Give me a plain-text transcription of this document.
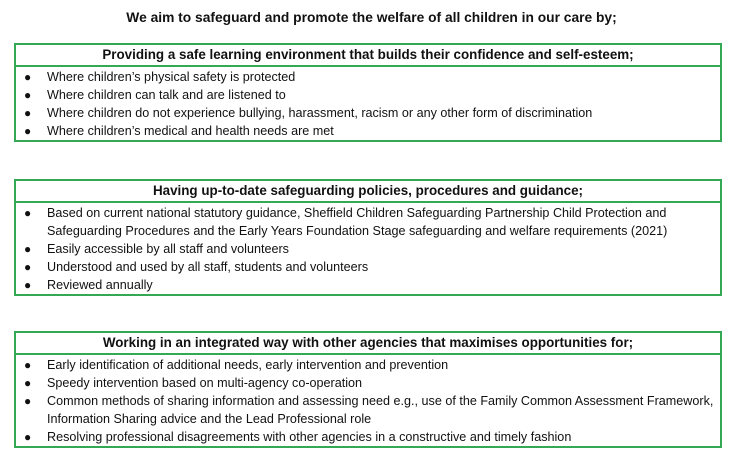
We aim to safeguard and promote the welfare of all children in our care by;
Providing a safe learning environment that builds their confidence and self-esteem;
● Where children’s physical safety is protected
● Where children can talk and are listened to
● Where children do not experience bullying, harassment, racism or any other form of discrimination
● Where children’s medical and health needs are met
Having up-to-date safeguarding policies, procedures and guidance;
● Based on current national statutory guidance, Sheffield Children Safeguarding Partnership Child Protection and Safeguarding Procedures and the Early Years Foundation Stage safeguarding and welfare requirements (2021)
● Easily accessible by all staff and volunteers
● Understood and used by all staff, students and volunteers
● Reviewed annually
Working in an integrated way with other agencies that maximises opportunities for;
● Early identification of additional needs, early intervention and prevention
● Speedy intervention based on multi-agency co-operation
● Common methods of sharing information and assessing need e.g., use of the Family Common Assessment Framework, Information Sharing advice and the Lead Professional role
● Resolving professional disagreements with other agencies in a constructive and timely fashion
